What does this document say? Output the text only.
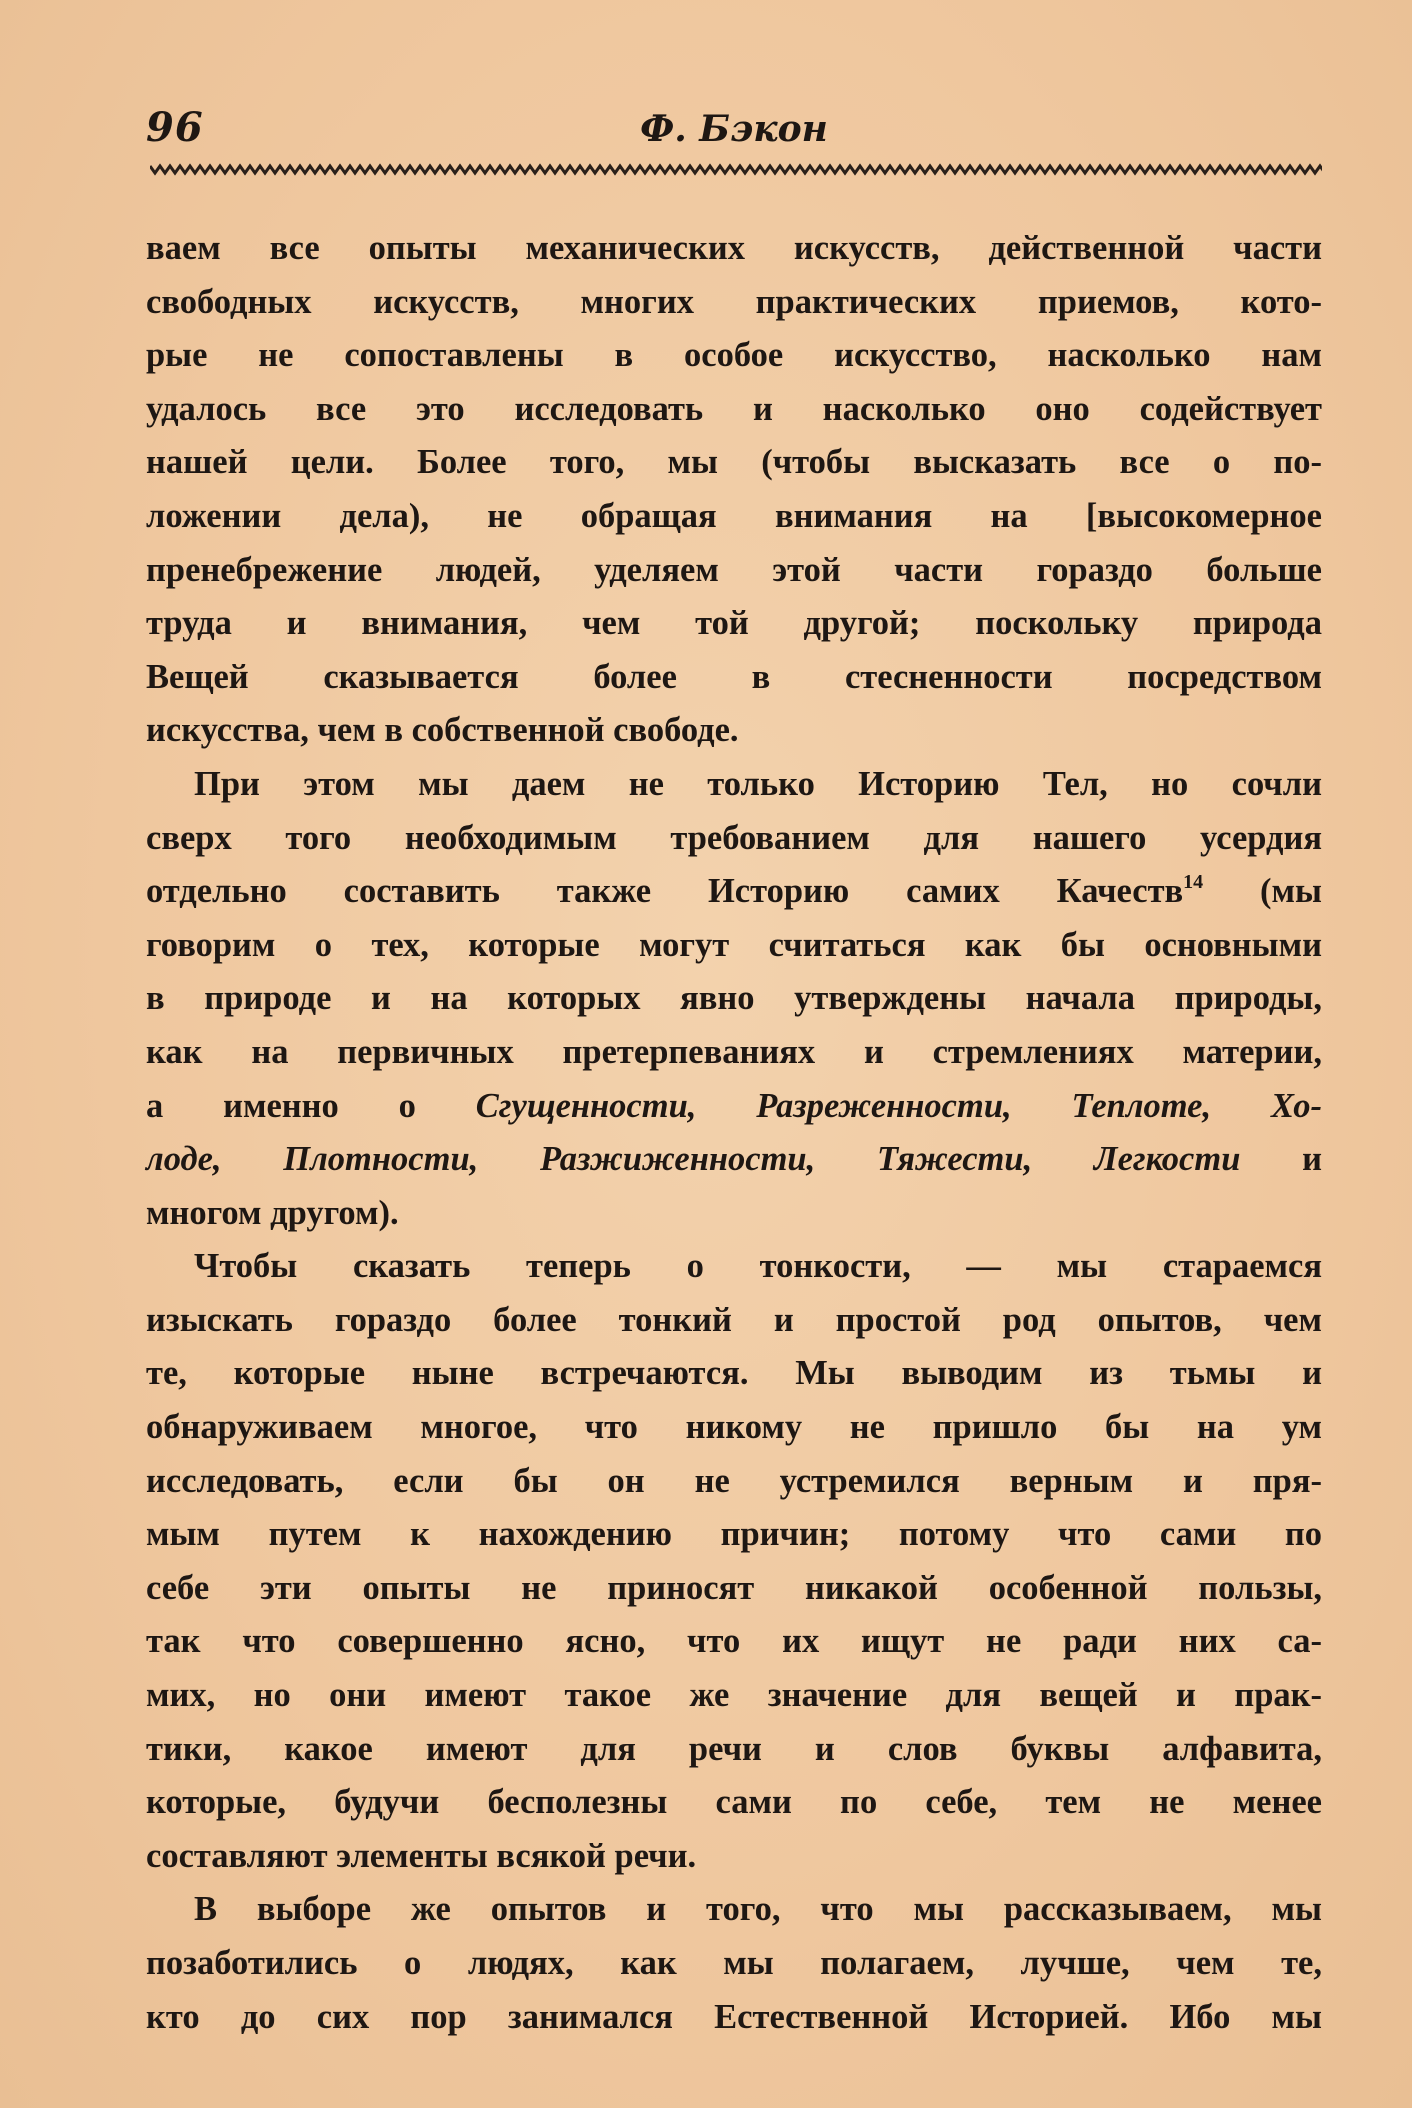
96	Ф. Бэкон

ваем все опыты механических искусств, действенной части
свободных искусств, многих практических приемов, кото-
рые не сопоставлены в особое искусство, насколько нам
удалось все это исследовать и насколько оно содействует
нашей цели. Более того, мы (чтобы высказать все о по-
ложении дела), не обращая внимания на [высокомерное
пренебрежение людей, уделяем этой части гораздо больше
труда и внимания, чем той другой; поскольку природа
Вещей сказывается более в стесненности посредством
искусства, чем в собственной свободе.

При этом мы даем не только Историю Тел, но сочли
сверх того необходимым требованием для нашего усердия
отдельно составить также Историю самих Качеств$^{14}$ (мы
говорим о тех, которые могут считаться как бы основными
в природе и на которых явно утверждены начала природы,
как на первичных претерпеваниях и стремлениях материи,
а именно о Сгущенности, Разреженности, Теплоте, Хо-
лоде, Плотности, Разжиженности, Тяжести, Легкости и
многом другом).

Чтобы сказать теперь о тонкости, — мы стараемся
изыскать гораздо более тонкий и простой род опытов, чем
те, которые ныне встречаются. Мы выводим из тьмы и
обнаруживаем многое, что никому не пришло бы на ум
исследовать, если бы он не устремился верным и пря-
мым путем к нахождению причин; потому что сами по
себе эти опыты не приносят никакой особенной пользы,
так что совершенно ясно, что их ищут не ради них са-
мих, но они имеют такое же значение для вещей и прак-
тики, какое имеют для речи и слов буквы алфавита,
которые, будучи бесполезны сами по себе, тем не менее
составляют элементы всякой речи.

В выборе же опытов и того, что мы рассказываем, мы
позаботились о людях, как мы полагаем, лучше, чем те,
кто до сих пор занимался Естественной Историей. Ибо мы
